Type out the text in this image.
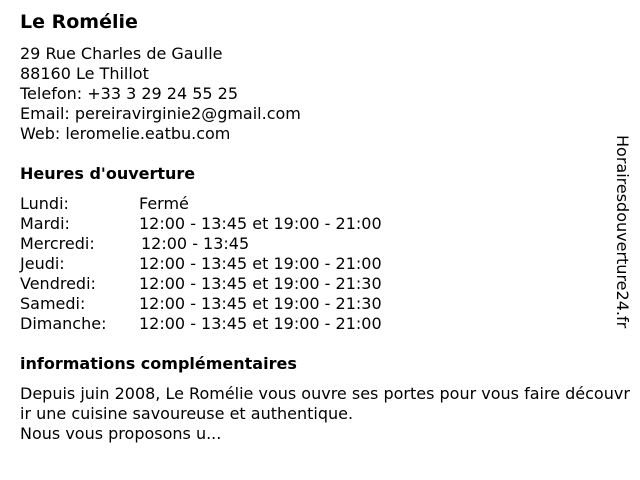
Le Romélie
29 Rue Charles de Gaulle
88160 Le Thillot
Telefon: +33 3 29 24 55 25
Email: pereiravirginie2@gmail.com
Web: leromelie.eatbu.com
Heures d'ouverture
Lundi:	Fermé
Mardi:	12:00 - 13:45 et 19:00 - 21:00
Mercredi:	12:00 - 13:45
Jeudi:	12:00 - 13:45 et 19:00 - 21:00
Vendredi:	12:00 - 13:45 et 19:00 - 21:30
Samedi:	12:00 - 13:45 et 19:00 - 21:30
Dimanche: 12:00 - 13:45 et 19:00 - 21:00
informations complémentaires
Depuis juin 2008, Le Romélie vous ouvre ses portes pour vous faire découvrir une cuisine savoureuse et authentique.
Nous vous proposons u...
Horairesdouverture24.fr
